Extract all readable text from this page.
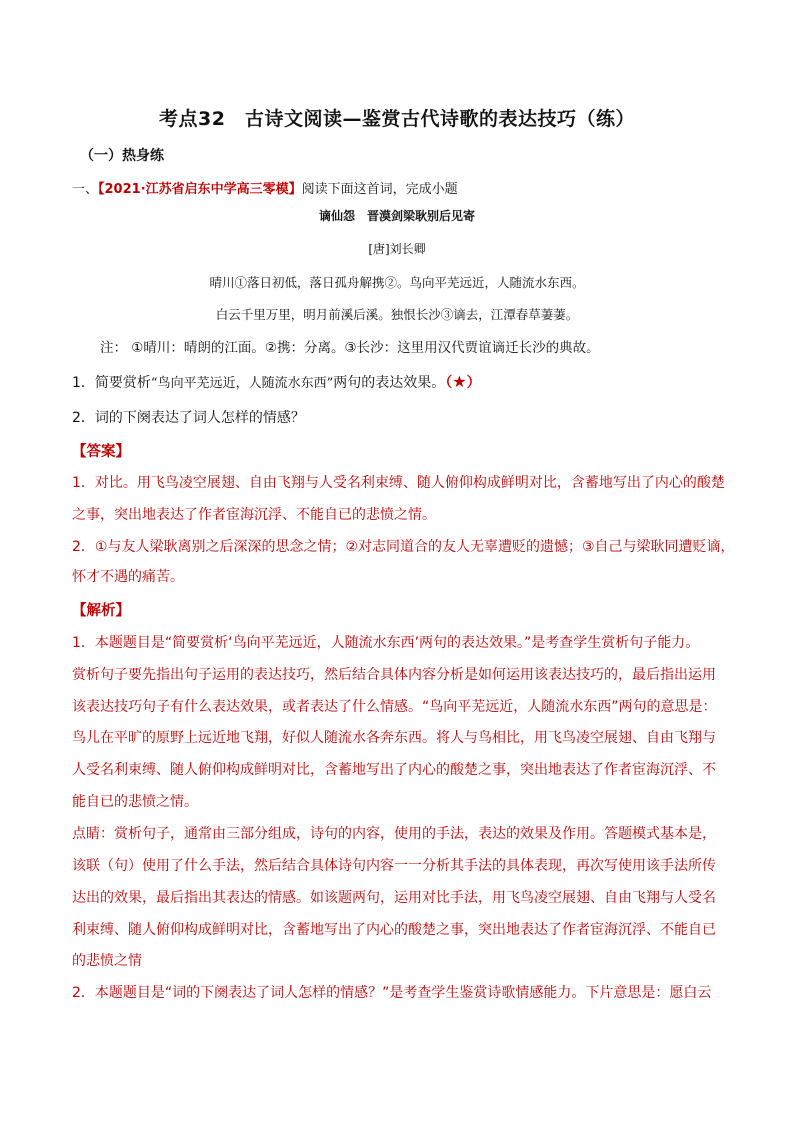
考点32　古诗文阅读—鉴赏古代诗歌的表达技巧（练）
（一）热身练
一、【2021·江苏省启东中学高三零模】阅读下面这首词，完成小题
谪仙怨　晋漠剑梁耿别后见寄
[唐]刘长卿
晴川①落日初低，落日孤舟解携②。鸟向平芜远近，人随流水东西。
白云千里万里，明月前溪后溪。独恨长沙③谪去，江潭春草萋萋。
注： ①晴川：晴朗的江面。②携：分离。③长沙：这里用汉代贾谊谪迁长沙的典故。
1．简要赏析“鸟向平芜远近，人随流水东西”两句的表达效果。（★）
2．词的下阕表达了词人怎样的情感？
【答案】
1．对比。用飞鸟凌空展翅、自由飞翔与人受名利束缚、随人俯仰构成鲜明对比，含蓄地写出了内心的酸楚
之事，突出地表达了作者宦海沉浮、不能自已的悲愤之情。
2．①与友人梁耿离别之后深深的思念之情；②对志同道合的友人无辜遭贬的遗憾；③自己与梁耿同遭贬谪，
怀才不遇的痛苦。
【解析】
1．本题题目是“简要赏析‘鸟向平芜远近，人随流水东西’两句的表达效果。”是考查学生赏析句子能力。
赏析句子要先指出句子运用的表达技巧，然后结合具体内容分析是如何运用该表达技巧的，最后指出运用
该表达技巧句子有什么表达效果，或者表达了什么情感。“鸟向平芜远近，人随流水东西”两句的意思是：
鸟儿在平旷的原野上远近地飞翔，好似人随流水各奔东西。将人与鸟相比，用飞鸟凌空展翅、自由飞翔与
人受名利束缚、随人俯仰构成鲜明对比，含蓄地写出了内心的酸楚之事，突出地表达了作者宦海沉浮、不
能自已的悲愤之情。
点睛：赏析句子，通常由三部分组成，诗句的内容，使用的手法，表达的效果及作用。答题模式基本是，
该联（句）使用了什么手法，然后结合具体诗句内容一一分析其手法的具体表现，再次写使用该手法所传
达出的效果，最后指出其表达的情感。如该题两句，运用对比手法，用飞鸟凌空展翅、自由飞翔与人受名
利束缚、随人俯仰构成鲜明对比，含蓄地写出了内心的酸楚之事，突出地表达了作者宦海沉浮、不能自已
的悲愤之情
2．本题题目是“词的下阕表达了词人怎样的情感？”是考查学生鉴赏诗歌情感能力。下片意思是：愿白云
